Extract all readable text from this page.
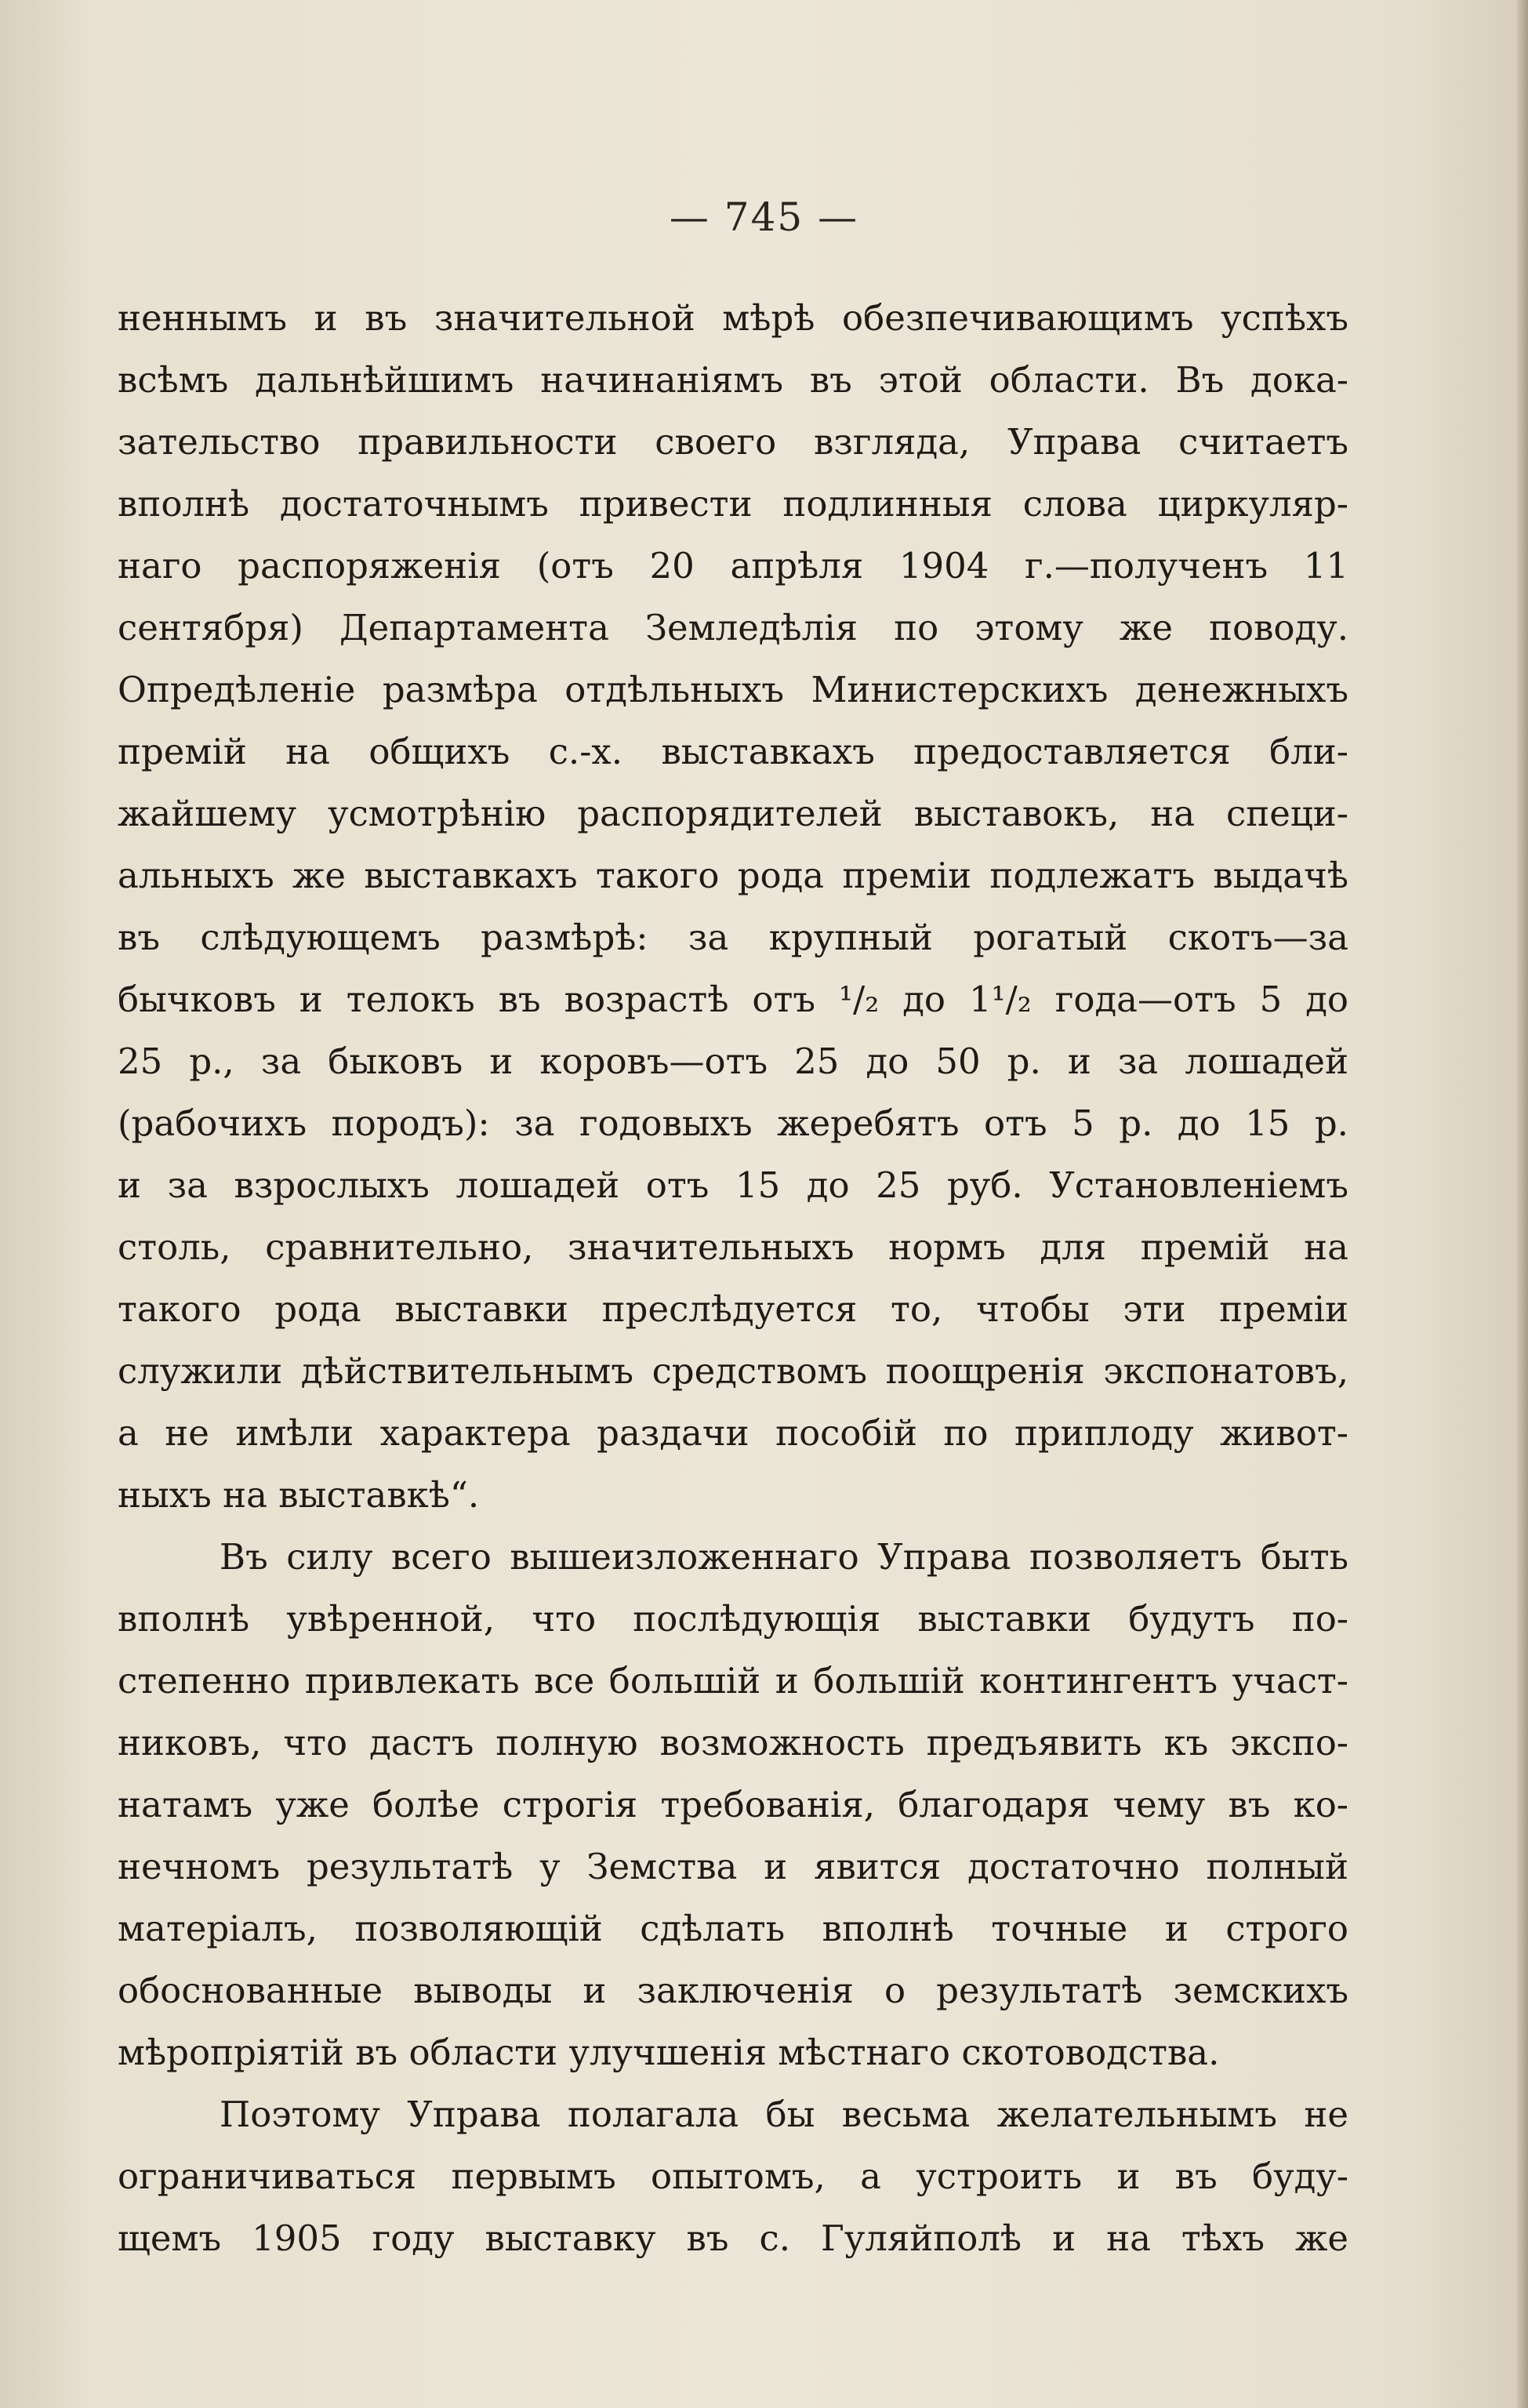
— 745 —
неннымъ и въ значительной мѣрѣ обезпечивающимъ успѣхъ
всѣмъ дальнѣйшимъ начинаніямъ въ этой области. Въ дока-
зательство правильности своего взгляда, Управа считаетъ
вполнѣ достаточнымъ привести подлинныя слова циркуляр-
наго распоряженія (отъ 20 апрѣля 1904 г.—полученъ 11
сентября) Департамента Земледѣлія по этому же поводу.
Опредѣленіе размѣра отдѣльныхъ Министерскихъ денежныхъ
премій на общихъ с.-х. выставкахъ предоставляется бли-
жайшему усмотрѣнію распорядителей выставокъ, на специ-
альныхъ же выставкахъ такого рода преміи подлежатъ выдачѣ
въ слѣдующемъ размѣрѣ: за крупный рогатый скотъ—за
бычковъ и телокъ въ возрастѣ отъ ¹/₂ до 1¹/₂ года—отъ 5 до
25 р., за быковъ и коровъ—отъ 25 до 50 р. и за лошадей
(рабочихъ породъ): за годовыхъ жеребятъ отъ 5 р. до 15 р.
и за взрослыхъ лошадей отъ 15 до 25 руб. Установленіемъ
столь, сравнительно, значительныхъ нормъ для премій на
такого рода выставки преслѣдуется то, чтобы эти преміи
служили дѣйствительнымъ средствомъ поощренія экспонатовъ,
а не имѣли характера раздачи пособій по приплоду живот-
ныхъ на выставкѣ“.
Въ силу всего вышеизложеннаго Управа позволяетъ быть
вполнѣ увѣренной, что послѣдующія выставки будутъ по-
степенно привлекать все большій и большій контингентъ участ-
никовъ, что дастъ полную возможность предъявить къ экспо-
натамъ уже болѣе строгія требованія, благодаря чему въ ко-
нечномъ результатѣ у Земства и явится достаточно полный
матеріалъ, позволяющій сдѣлать вполнѣ точные и строго
обоснованные выводы и заключенія о результатѣ земскихъ
мѣропріятій въ области улучшенія мѣстнаго скотоводства.
Поэтому Управа полагала бы весьма желательнымъ не
ограничиваться первымъ опытомъ, а устроить и въ буду-
щемъ 1905 году выставку въ с. Гуляйполѣ и на тѣхъ же
